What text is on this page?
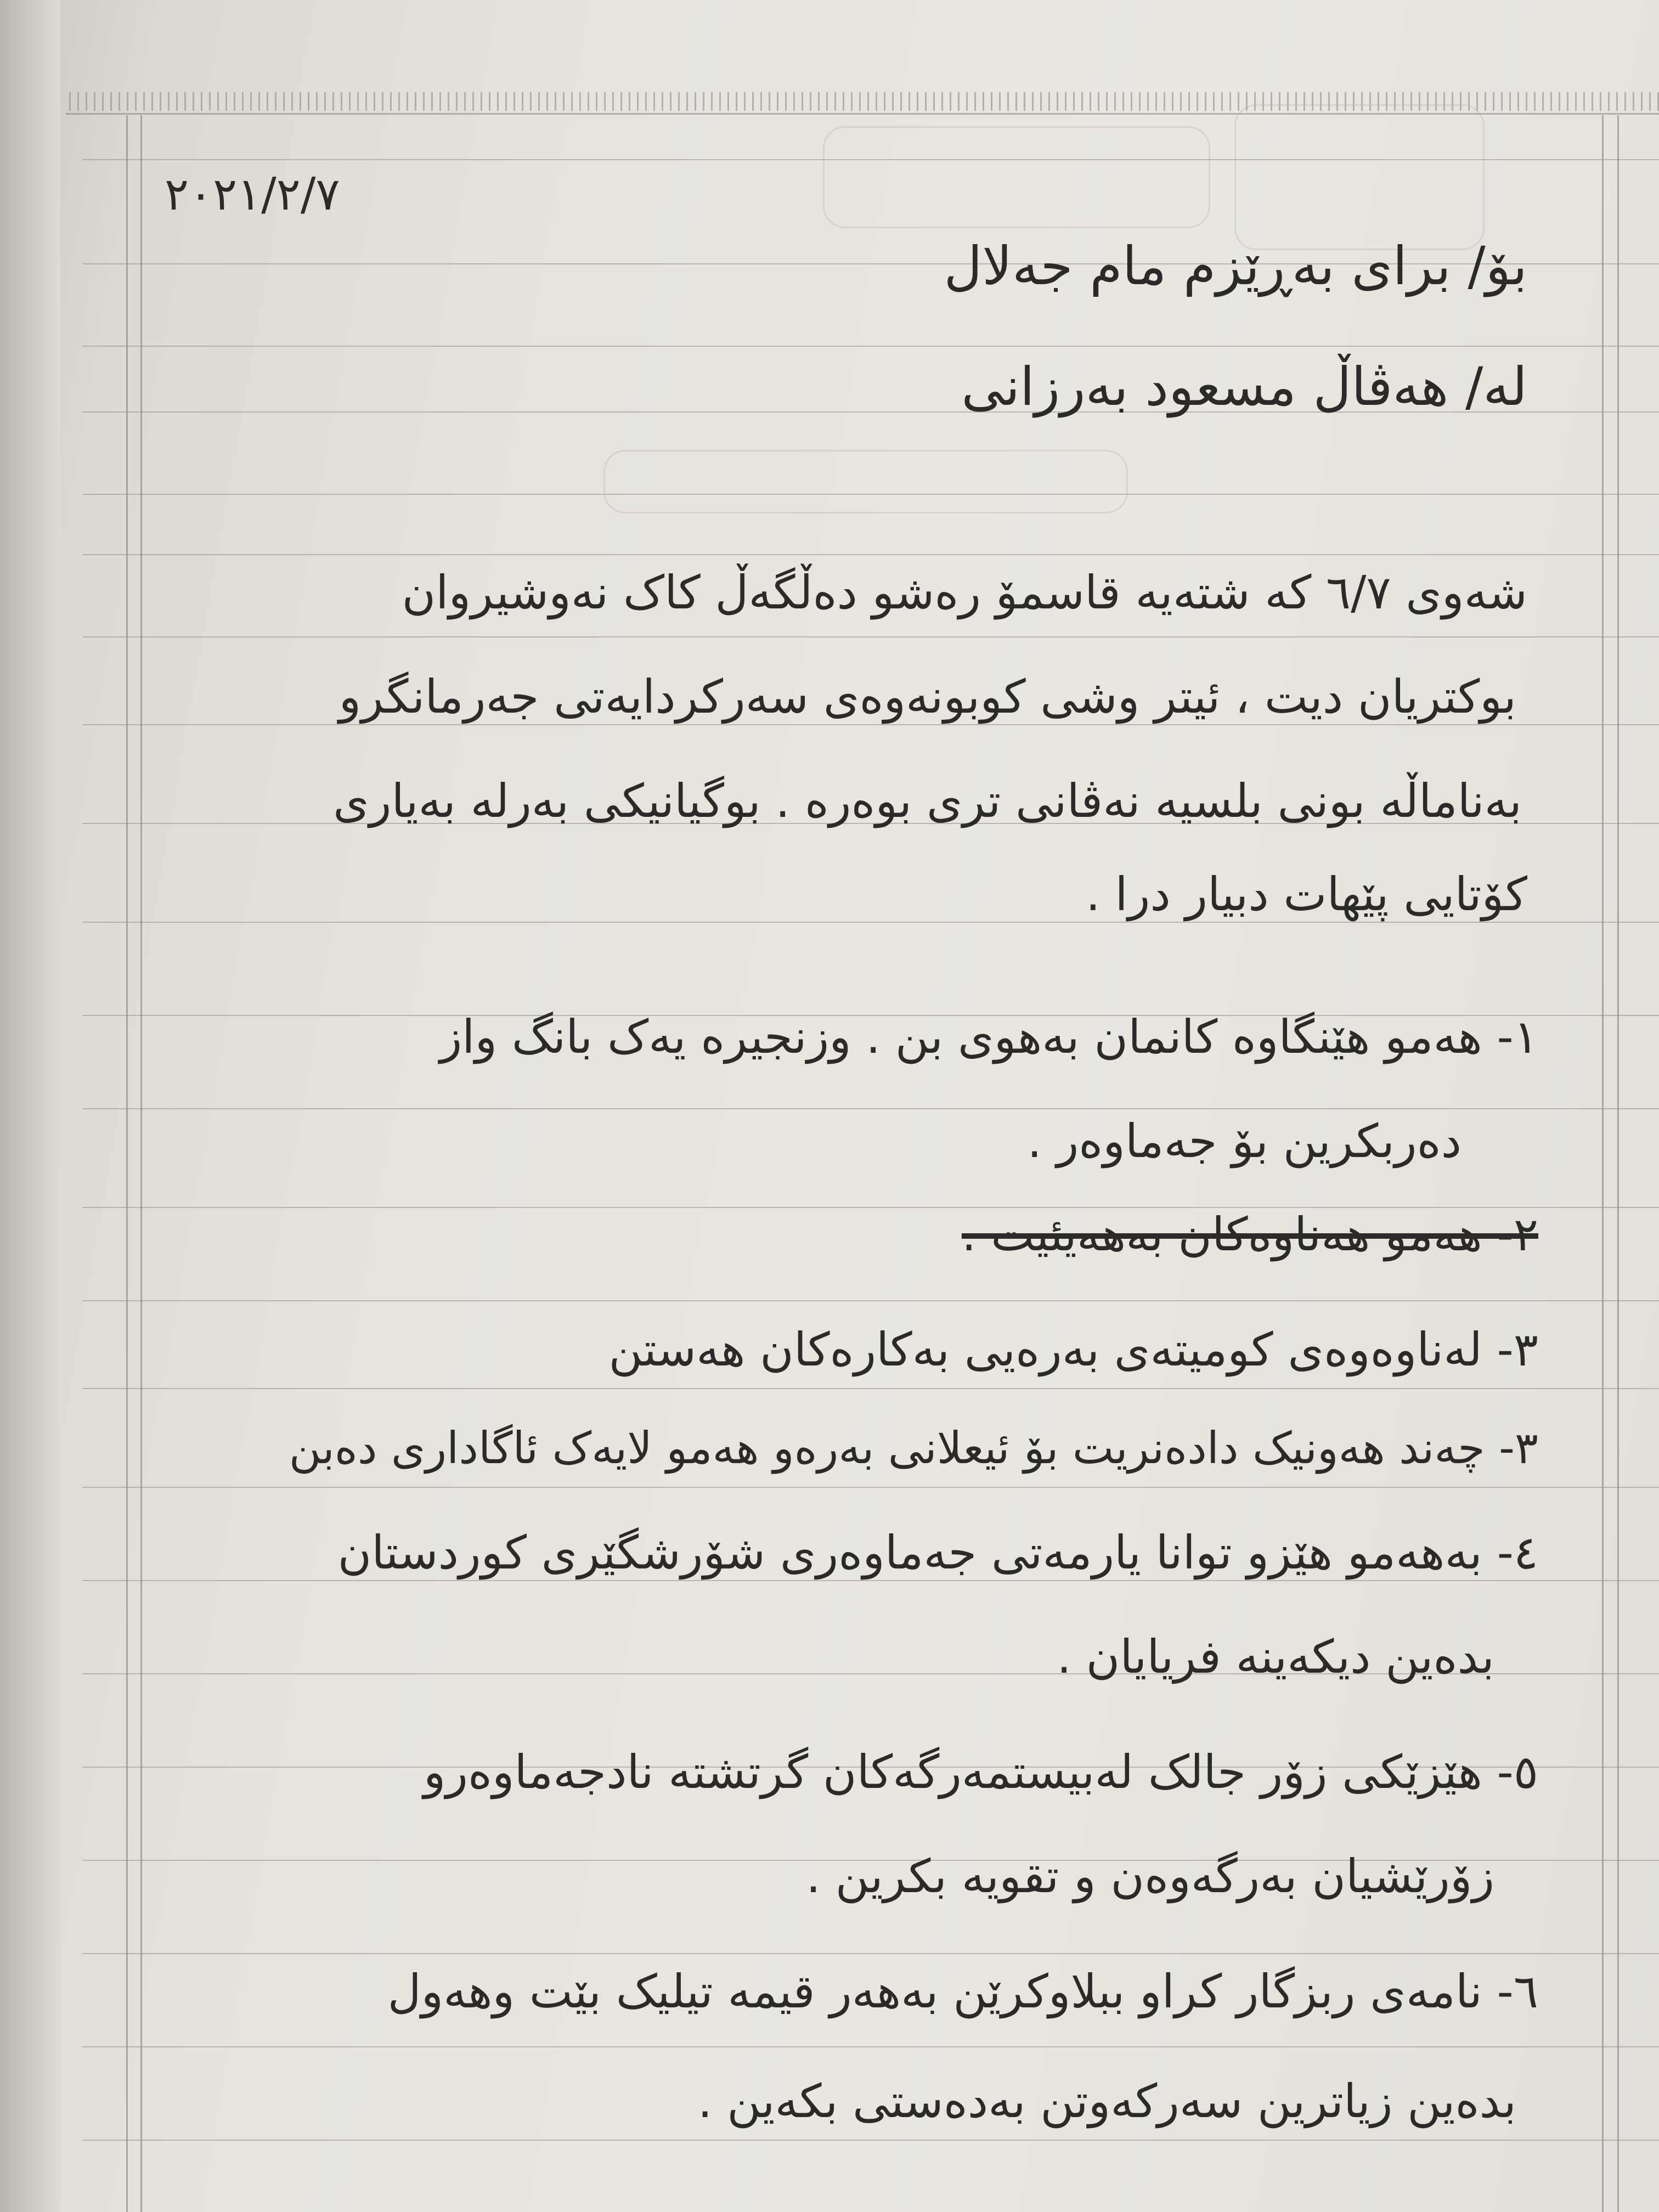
٢٠٢١/٢/٧
بۆ/ برای بەڕێزم مام جەلال
لە/ هەڤاڵ مسعود بەرزانی
شەوی ٦/٧ کە شتەیە قاسمۆ رەشو دەڵگەڵ کاک نەوشیروان
بوکتریان دیت ، ئیتر وشی کوبونەوەی سەرکردایەتی جەرمانگرو
بەناماڵە بونی بلسیە نەڤانی تری بوەرە . بوگیانیکی بەرلە بەیاری
کۆتایی پێهات دبیار درا .
١- هەمو هێنگاوە کانمان بەهوی بن . وزنجیرە یەک بانگ واز
دەربکرین بۆ جەماوەر .
٢- هەمو هەناوەکان بەهەیئیت .
٣- لەناوەوەی کومیتەی بەرەیی بەکارەکان هەستن
٣- چەند هەونیک دادەنریت بۆ ئیعلانی بەرەو هەمو لایەک ئاگاداری دەبن
٤- بەهەمو هێزو توانا یارمەتی جەماوەری شۆرشگێری کوردستان
بدەین دیکەینە فریایان .
٥- هێزێکی زۆر جالک لەبیستمەرگەکان گرتشتە نادجەماوەرو
زۆرێشیان بەرگەوەن و تقویە بکرین .
٦- نامەی ربزگار کراو ببلاوکرێن بەهەر قیمە تیلیک بێت وهەول
بدەین زیاترین سەرکەوتن بەدەستی بکەین .
